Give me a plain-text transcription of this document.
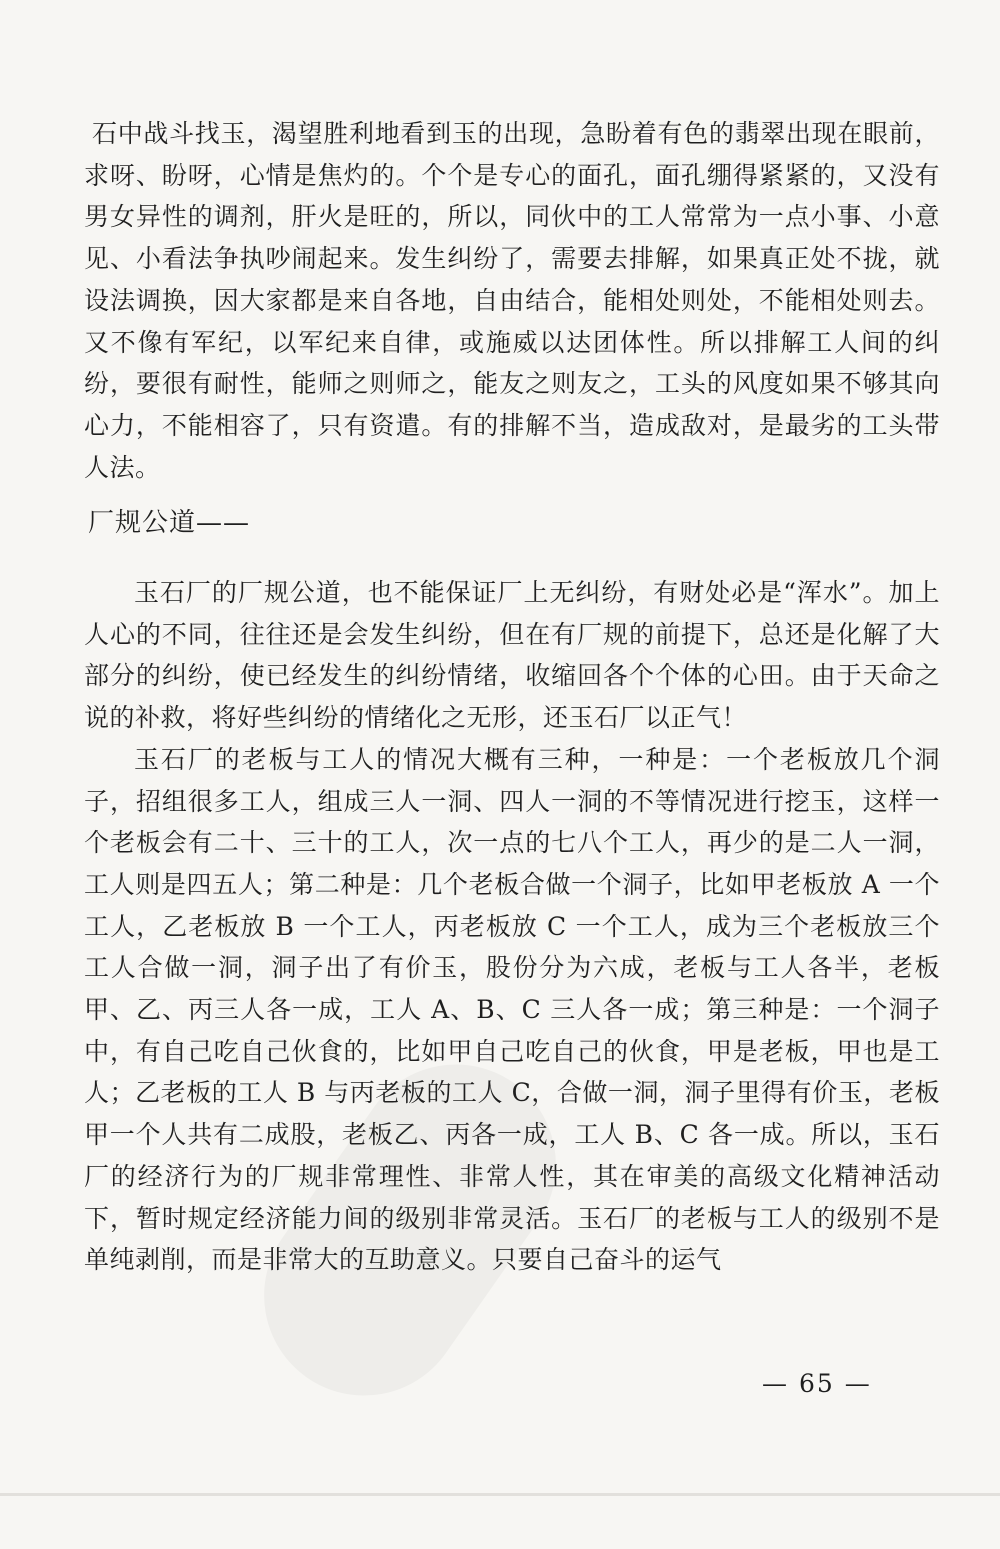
石中战斗找玉，渴望胜利地看到玉的出现，急盼着有色的翡翠出现在眼前，求呀、盼呀，心情是焦灼的。个个是专心的面孔，面孔绷得紧紧的，又没有男女异性的调剂，肝火是旺的，所以，同伙中的工人常常为一点小事、小意见、小看法争执吵闹起来。发生纠纷了，需要去排解，如果真正处不拢，就设法调换，因大家都是来自各地，自由结合，能相处则处，不能相处则去。又不像有军纪，以军纪来自律，或施威以达团体性。所以排解工人间的纠纷，要很有耐性，能师之则师之，能友之则友之，工头的风度如果不够其向心力，不能相容了，只有资遣。有的排解不当，造成敌对，是最劣的工头带人法。

厂规公道——

玉石厂的厂规公道，也不能保证厂上无纠纷，有财处必是“浑水”。加上人心的不同，往往还是会发生纠纷，但在有厂规的前提下，总还是化解了大部分的纠纷，使已经发生的纠纷情绪，收缩回各个个体的心田。由于天命之说的补救，将好些纠纷的情绪化之无形，还玉石厂以正气！

玉石厂的老板与工人的情况大概有三种，一种是：一个老板放几个洞子，招组很多工人，组成三人一洞、四人一洞的不等情况进行挖玉，这样一个老板会有二十、三十的工人，次一点的七八个工人，再少的是二人一洞，工人则是四五人；第二种是：几个老板合做一个洞子，比如甲老板放 A 一个工人，乙老板放 B 一个工人，丙老板放 C 一个工人，成为三个老板放三个工人合做一洞，洞子出了有价玉，股份分为六成，老板与工人各半，老板甲、乙、丙三人各一成，工人 A、B、C 三人各一成；第三种是：一个洞子中，有自己吃自己伙食的，比如甲自己吃自己的伙食，甲是老板，甲也是工人；乙老板的工人 B 与丙老板的工人 C，合做一洞，洞子里得有价玉，老板甲一个人共有二成股，老板乙、丙各一成，工人 B、C 各一成。所以，玉石厂的经济行为的厂规非常理性、非常人性，其在审美的高级文化精神活动下，暂时规定经济能力间的级别非常灵活。玉石厂的老板与工人的级别不是单纯剥削，而是非常大的互助意义。只要自己奋斗的运气

— 65 —
